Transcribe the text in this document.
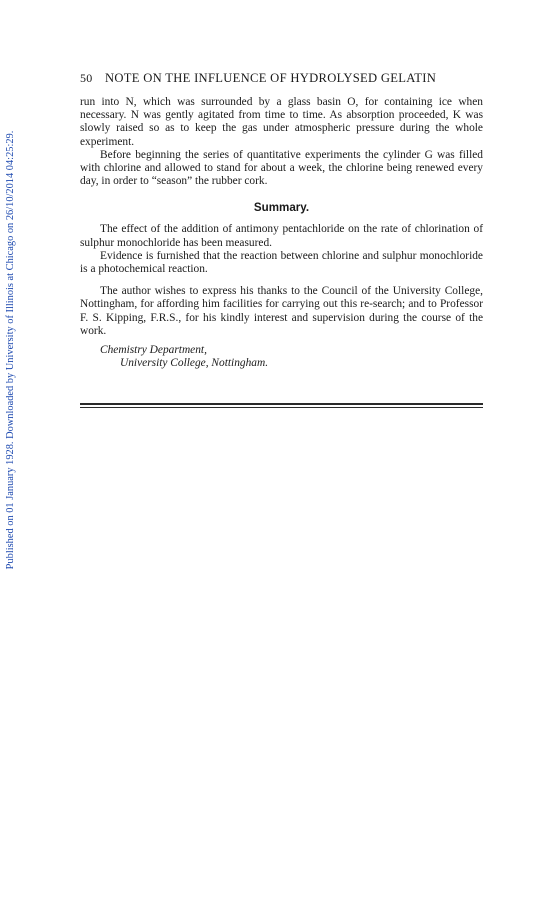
Published on 01 January 1928. Downloaded by University of Illinois at Chicago on 26/10/2014 04:25:29.
50 NOTE ON THE INFLUENCE OF HYDROLYSED GELATIN

run into N, which was surrounded by a glass basin O, for containing ice when necessary. N was gently agitated from time to time. As absorption proceeded, K was slowly raised so as to keep the gas under atmospheric pressure during the whole experiment.

Before beginning the series of quantitative experiments the cylinder G was filled with chlorine and allowed to stand for about a week, the chlorine being renewed every day, in order to “season” the rubber cork.

Summary.

The effect of the addition of antimony pentachloride on the rate of chlorination of sulphur monochloride has been measured.

Evidence is furnished that the reaction between chlorine and sulphur monochloride is a photochemical reaction.

The author wishes to express his thanks to the Council of the University College, Nottingham, for affording him facilities for carrying out this re-search; and to Professor F. S. Kipping, F.R.S., for his kindly interest and supervision during the course of the work.

Chemistry Department,
University College, Nottingham.
